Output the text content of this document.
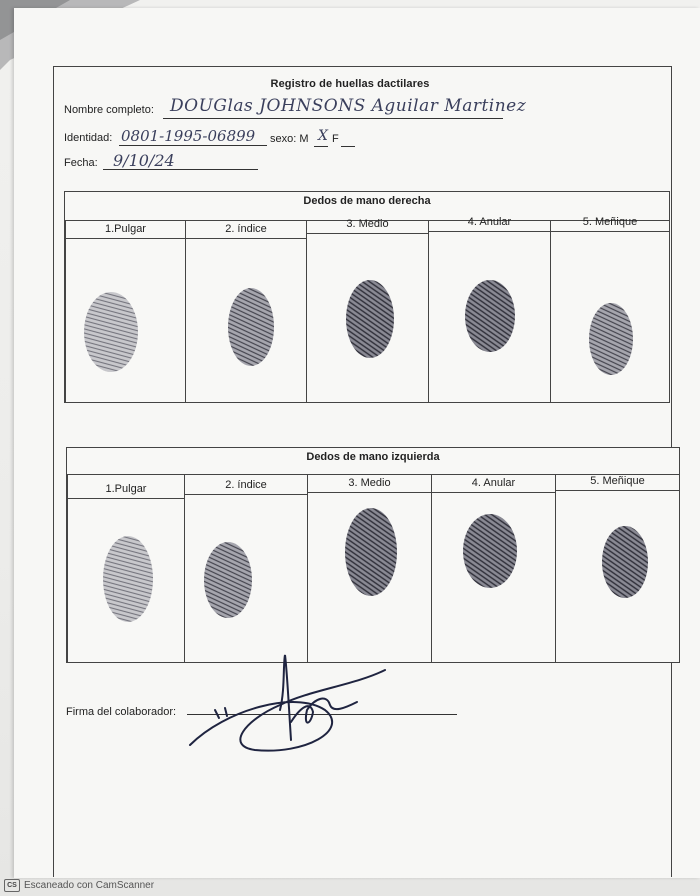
Registro de huellas dactilares
Nombre completo: DOUGlas JOHNSONS Aguilar Martinez
Identidad: 0801-1995-06899 sexo: M X F
Fecha: 9/10/24
Dedos de mano derecha
1.Pulgar	2. índice	3. Medio	4. Anular	5. Meñique
Dedos de mano izquierda
1.Pulgar	2. índice	3. Medio	4. Anular	5. Meñique
Firma del colaborador:
CS Escaneado con CamScanner
